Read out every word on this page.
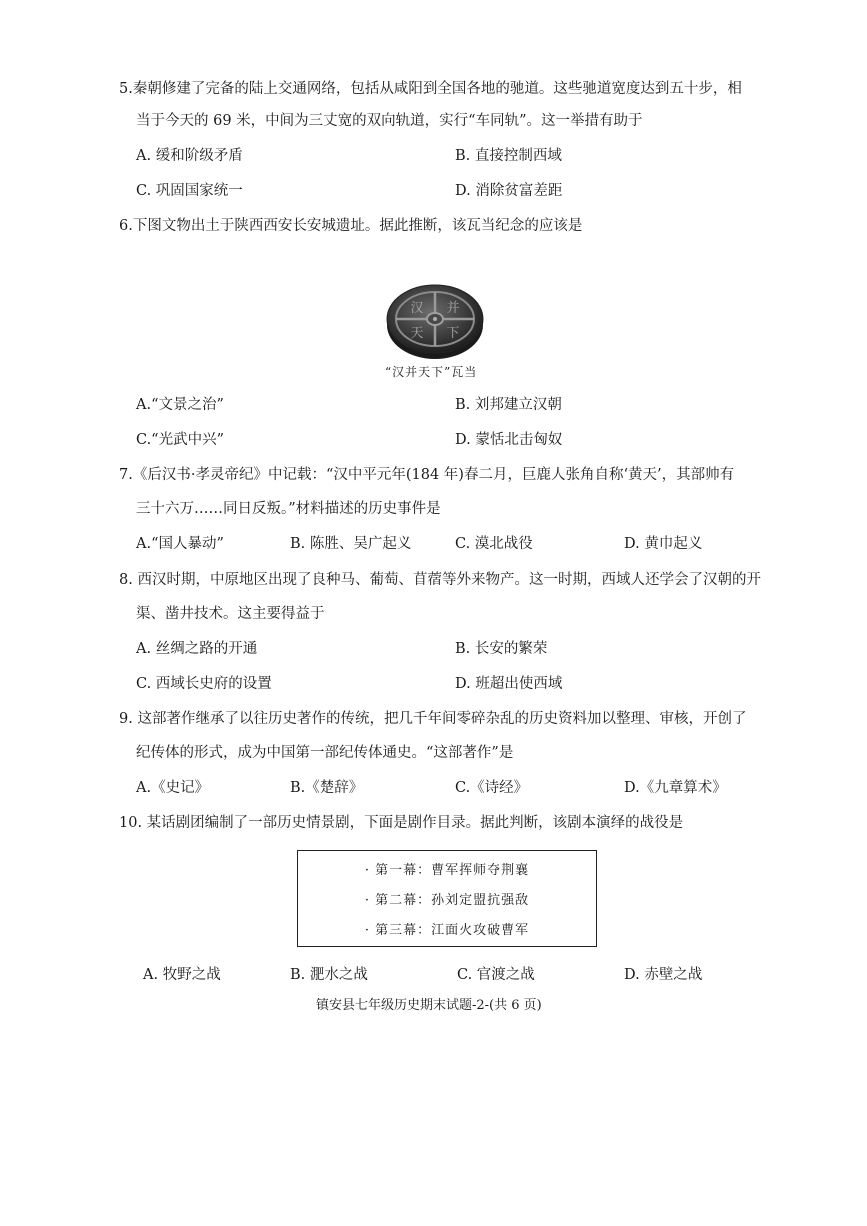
5.秦朝修建了完备的陆上交通网络，包括从咸阳到全国各地的驰道。这些驰道宽度达到五十步，相
当于今天的 69 米，中间为三丈宽的双向轨道，实行“车同轨”。这一举措有助于
A. 缓和阶级矛盾	B. 直接控制西域
C. 巩固国家统一	D. 消除贫富差距
6.下图文物出土于陕西西安长安城遗址。据此推断，该瓦当纪念的应该是
汉 并
天 下
“汉并天下”瓦当
A.“文景之治”	B. 刘邦建立汉朝
C.“光武中兴”	D. 蒙恬北击匈奴
7.《后汉书·孝灵帝纪》中记载：“汉中平元年(184 年)春二月，巨鹿人张角自称‘黄天’，其部帅有
三十六万……同日反叛。”材料描述的历史事件是
A.“国人暴动”	B. 陈胜、吴广起义	C. 漠北战役	D. 黄巾起义
8. 西汉时期，中原地区出现了良种马、葡萄、苜蓿等外来物产。这一时期，西域人还学会了汉朝的开
渠、凿井技术。这主要得益于
A. 丝绸之路的开通	B. 长安的繁荣
C. 西域长史府的设置	D. 班超出使西域
9. 这部著作继承了以往历史著作的传统，把几千年间零碎杂乱的历史资料加以整理、审核，开创了
纪传体的形式，成为中国第一部纪传体通史。“这部著作”是
A.《史记》	B.《楚辞》	C.《诗经》	D.《九章算术》
10. 某话剧团编制了一部历史情景剧，下面是剧作目录。据此判断，该剧本演绎的战役是
· 第一幕：曹军挥师夺荆襄
· 第二幕：孙刘定盟抗强敌
· 第三幕：江面火攻破曹军
A. 牧野之战	B. 淝水之战	C. 官渡之战	D. 赤壁之战
镇安县七年级历史期末试题-2-(共 6 页)
